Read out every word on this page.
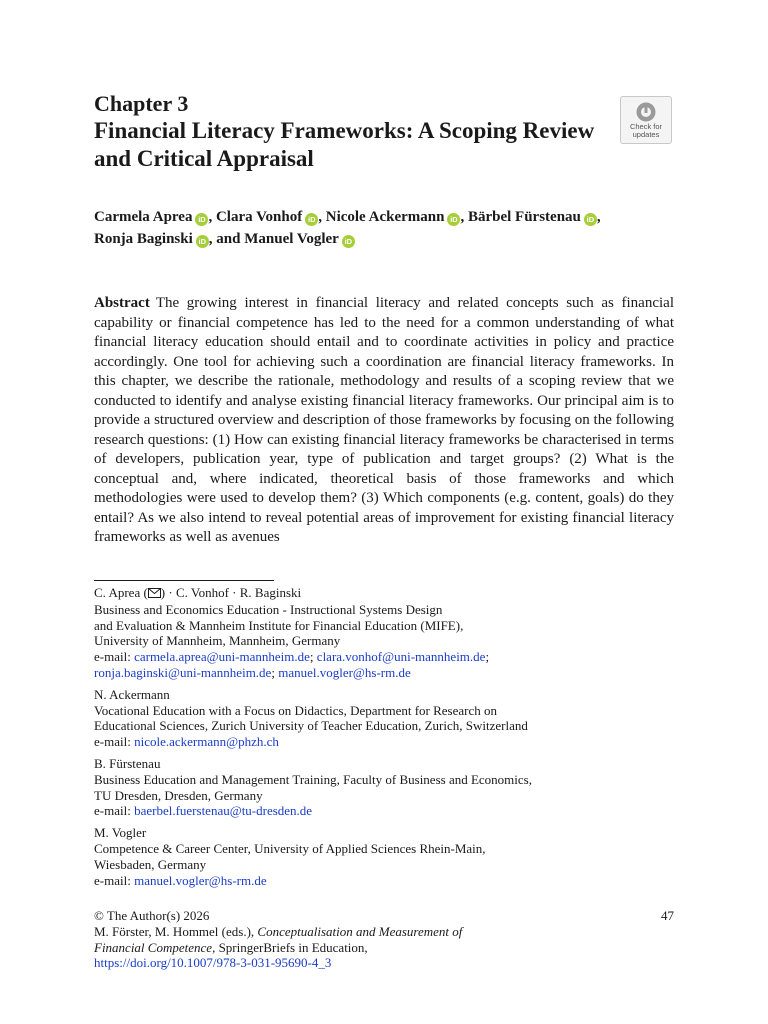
Chapter 3
Financial Literacy Frameworks: A Scoping Review and Critical Appraisal
Check for
updates
Carmela Aprea iD , Clara Vonhof iD , Nicole Ackermann iD , Bärbel Fürstenau iD ,
Ronja Baginski iD , and Manuel Vogler iD
Abstract The growing interest in financial literacy and related concepts such as financial capability or financial competence has led to the need for a common understanding of what financial literacy education should entail and to coordinate activities in policy and practice accordingly. One tool for achieving such a coordination are financial literacy frameworks. In this chapter, we describe the rationale, methodology and results of a scoping review that we conducted to identify and analyse existing financial literacy frameworks. Our principal aim is to provide a structured overview and description of those frameworks by focusing on the following research questions: (1) How can existing financial literacy frameworks be characterised in terms of developers, publication year, type of publication and target groups? (2) What is the conceptual and, where indicated, theoretical basis of those frameworks and which methodologies were used to develop them? (3) Which components (e.g. content, goals) do they entail? As we also intend to reveal potential areas of improvement for existing financial literacy frameworks as well as avenues
C. Aprea ( ) · C. Vonhof · R. Baginski
Business and Economics Education - Instructional Systems Design
and Evaluation & Mannheim Institute for Financial Education (MIFE),
University of Mannheim, Mannheim, Germany
e-mail: carmela.aprea@uni-mannheim.de; clara.vonhof@uni-mannheim.de;
ronja.baginski@uni-mannheim.de; manuel.vogler@hs-rm.de
N. Ackermann
Vocational Education with a Focus on Didactics, Department for Research on
Educational Sciences, Zurich University of Teacher Education, Zurich, Switzerland
e-mail: nicole.ackermann@phzh.ch
B. Fürstenau
Business Education and Management Training, Faculty of Business and Economics,
TU Dresden, Dresden, Germany
e-mail: baerbel.fuerstenau@tu-dresden.de
M. Vogler
Competence & Career Center, University of Applied Sciences Rhein-Main,
Wiesbaden, Germany
e-mail: manuel.vogler@hs-rm.de
© The Author(s) 2026	47
M. Förster, M. Hommel (eds.), Conceptualisation and Measurement of
Financial Competence, SpringerBriefs in Education,
https://doi.org/10.1007/978-3-031-95690-4_3
